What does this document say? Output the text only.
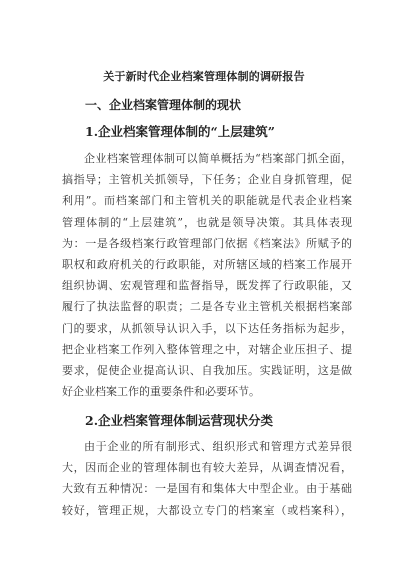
关于新时代企业档案管理体制的调研报告
一、企业档案管理体制的现状
1.企业档案管理体制的“上层建筑”

企业档案管理体制可以简单概括为“档案部门抓全面，
搞指导；主管机关抓领导，下任务；企业自身抓管理，促
利用”。而档案部门和主管机关的职能就是代表企业档案
管理体制的“上层建筑”，也就是领导决策。其具体表现
为：一是各级档案行政管理部门依据《档案法》所赋予的
职权和政府机关的行政职能，对所辖区域的档案工作展开
组织协调、宏观管理和监督指导，既发挥了行政职能，又
履行了执法监督的职责；二是各专业主管机关根据档案部
门的要求，从抓领导认识入手，以下达任务指标为起步，
把企业档案工作列入整体管理之中，对辖企业压担子、提
要求，促使企业提高认识、自我加压。实践证明，这是做
好企业档案工作的重要条件和必要环节。

2.企业档案管理体制运营现状分类

由于企业的所有制形式、组织形式和管理方式差异很
大，因而企业的管理体制也有较大差异，从调查情况看，
大致有五种情况：一是国有和集体大中型企业。由于基础
较好，管理正规，大都设立专门的档案室（或档案科），
